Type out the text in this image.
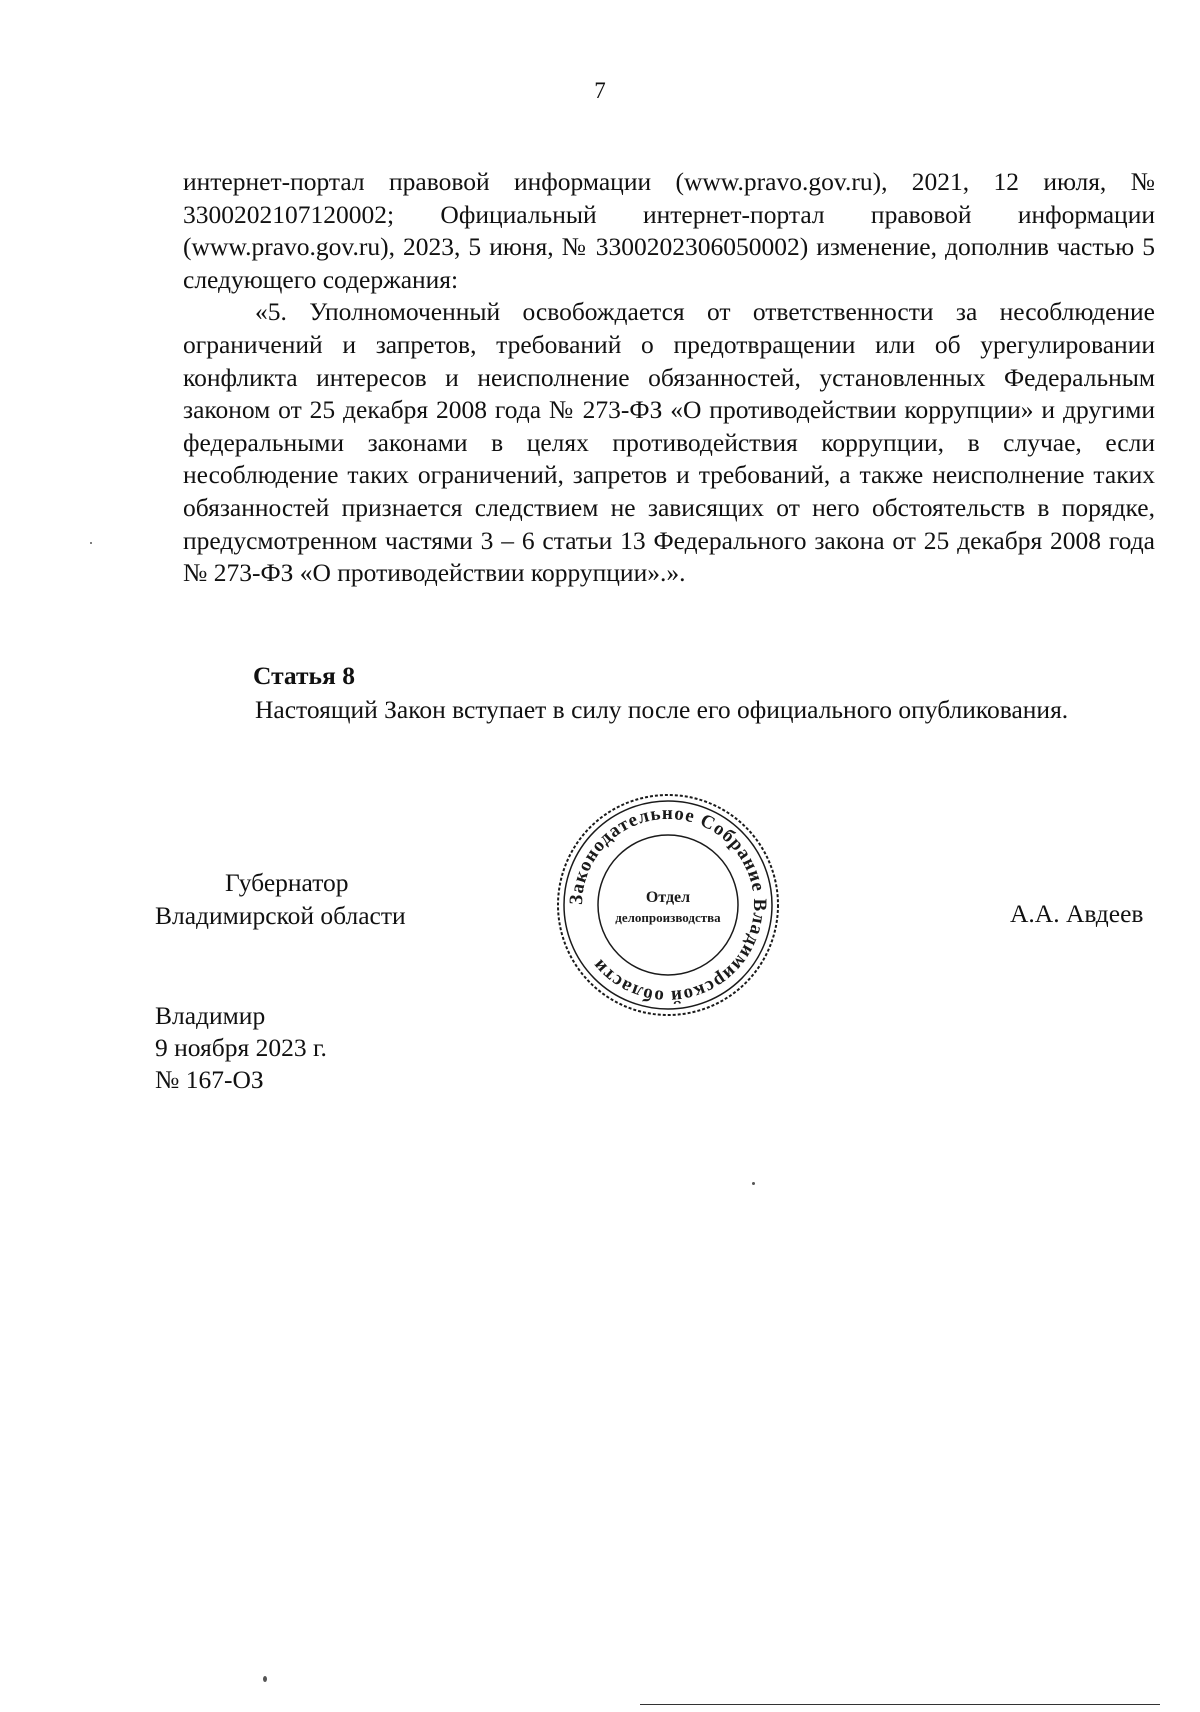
7

интернет-портал правовой информации (www.pravo.gov.ru), 2021, 12 июля, № 3300202107120002; Официальный интернет-портал правовой информации (www.pravo.gov.ru), 2023, 5 июня, № 3300202306050002) изменение, дополнив частью 5 следующего содержания:

«5. Уполномоченный освобождается от ответственности за несоблюдение ограничений и запретов, требований о предотвращении или об урегулировании конфликта интересов и неисполнение обязанностей, установленных Федеральным законом от 25 декабря 2008 года № 273-ФЗ «О противодействии коррупции» и другими федеральными законами в целях противодействия коррупции, в случае, если несоблюдение таких ограничений, запретов и требований, а также неисполнение таких обязанностей признается следствием не зависящих от него обстоятельств в порядке, предусмотренном частями 3 – 6 статьи 13 Федерального закона от 25 декабря 2008 года № 273-ФЗ «О противодействии коррупции».».

Статья 8
Настоящий Закон вступает в силу после его официального опубликования.
Губернатор
Владимирской области
Законодательное Собрание Владимирской области
Отдел
делопроизводства	А.А. Авдеев
Владимир
9 ноября 2023 г.
№ 167-ОЗ
